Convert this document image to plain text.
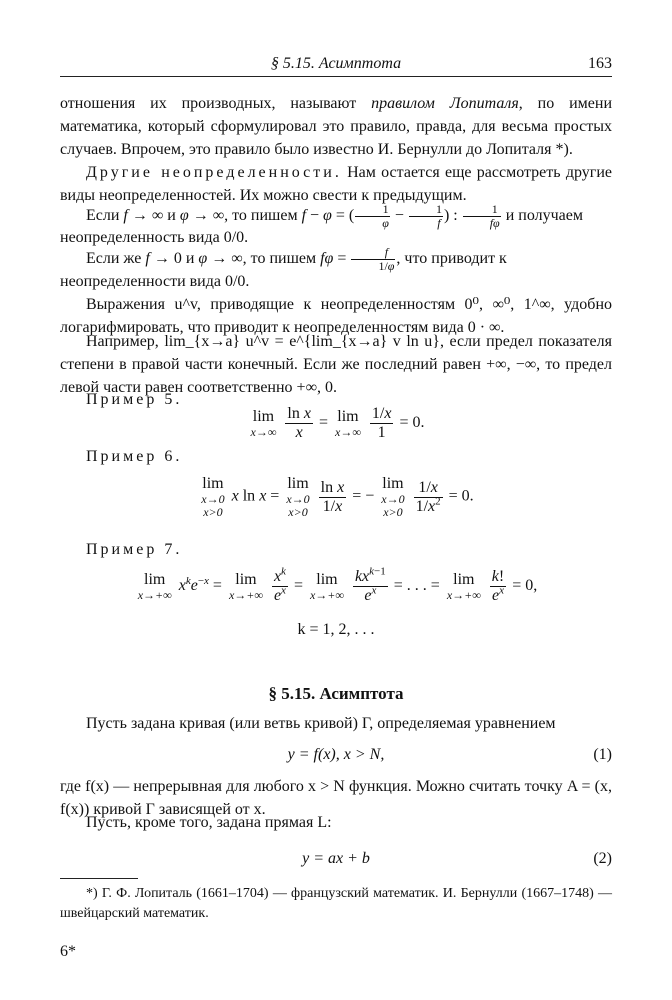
§ 5.15. Асимптота	163
отношения их производных, называют правилом Лопиталя, по имени математика, который сформулировал это правило, правда, для весьма простых случаев. Впрочем, это правило было известно И. Бернулли до Лопиталя *).
Другие неопределенности. Нам остается еще рассмотреть другие виды неопределенностей. Их можно свести к предыдущим.
Если f → ∞ и φ → ∞, то пишем f − φ = ( $\frac{1}{\varphi} - \frac{1}{f}$ ) : $\frac{1}{f\varphi}$ и получаем
неопределенность вида 0/0.
Если же f → 0 и φ → ∞, то пишем $f\varphi = \frac{f}{1/\varphi}$ , что приводит к
неопределенности вида 0/0.
Выражения u^v, приводящие к неопределенностям 0⁰, ∞⁰, 1^∞, удобно логарифмировать, что приводит к неопределенностям вида 0 · ∞.
Например, lim_{x→a} u^v = e^{lim_{x→a} v ln u}, если предел показателя степени в правой части конечный. Если же последний равен +∞, −∞, то предел левой части равен соответственно +∞, 0.
Пример 5.
lim
x→∞
$\frac{\text{ln x}}{x} = \lim$
x→∞
$\frac{1/x}{1} = 0$.
Пример 6.
lim
x→0
x>0
x ln x =
lim
x→0
x>0
$\frac{\text{ln x}}{1/x}$ = −
lim
x→0
x>0
$\frac{1/x}{1/x^2} = 0$.
Пример 7.
lim
x→+∞
$x^ke^{-x} = \lim$
x→+∞
$\frac{x^k}{e^x} = \lim$
x→+∞

$kx^{k-1}$
$e^x$ = . . . = lim
x→+∞
$\frac{k!}{e^x} = 0$,
k = 1, 2, . . .
§ 5.15. Асимптота
Пусть задана кривая (или ветвь кривой) Γ, определяемая уравнением
y = f(x), x > N,	(1)
где f(x) — непрерывная для любого x > N функция. Можно считать точку A = (x, f(x)) кривой Γ зависящей от x.
Пусть, кроме того, задана прямая L:
y = ax + b	(2)
*) Г. Ф. Лопиталь (1661–1704) — французский математик. И. Бернулли (1667–1748) — швейцарский математик.
6*
